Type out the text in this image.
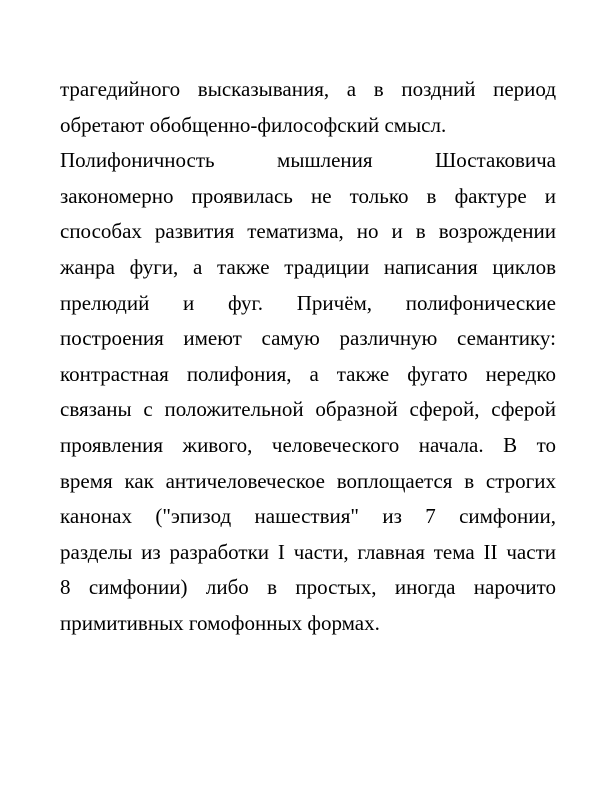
трагедийного высказывания, а в поздний период
обретают обобщенно-философский смысл.
Полифоничность мышления Шостаковича
закономерно проявилась не только в фактуре и
способах развития тематизма, но и в возрождении
жанра фуги, а также традиции написания циклов
прелюдий и фуг. Причём, полифонические
построения имеют самую различную семантику:
контрастная полифония, а также фугато нередко
связаны с положительной образной сферой, сферой
проявления живого, человеческого начала. В то
время как античеловеческое воплощается в строгих
канонах ("эпизод нашествия" из 7 симфонии,
разделы из разработки I части, главная тема II части
8 симфонии) либо в простых, иногда нарочито
примитивных гомофонных формах.
